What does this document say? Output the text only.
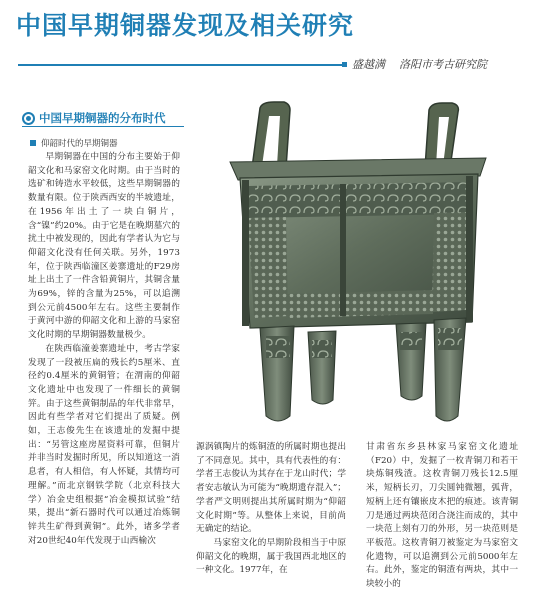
中国早期铜器发现及相关研究
盛越满 洛阳市考古研究院
中国早期铜器的分布时代
仰韶时代的早期铜器

早期铜器在中国的分布主要始于仰韶文化和马家窑文化时期。由于当时的选矿和铸造水平较低，这些早期铜器的数量有限。位于陕西西安的半坡遗址，在1956年出土了一块白铜片，含“镍”约20%。由于它是在晚期墓穴的扰土中被发现的，因此有学者认为它与仰韶文化没有任何关联。另外，1973年，位于陕西临潼区姜寨遗址的F29房址上出土了一件含铅黄铜片，其铜含量为69%，锌的含量为25%，可以追溯到公元前4500年左右。这些主要制作于黄河中游的仰韶文化和上游的马家窑文化时期的早期铜器数量极少。

在陕西临潼姜寨遗址中，考古学家发现了一段被压扁的残长约5厘米、直径约0.4厘米的黄铜管；在渭南的仰韶文化遗址中也发现了一件细长的黄铜笄。由于这些黄铜制品的年代非常早，因此有些学者对它们提出了质疑。例如，王志俊先生在该遗址的发掘中提出：“另管这座房屋资料可靠，但铜片并非当时发掘时所见，所以知道这一消息者，有人相信，有人怀疑，其情均可理解。”而北京钢铁学院（北京科技大学）冶金史组根据“冶金模拟试验”结果，提出“新石器时代可以通过冶炼铜锌共生矿得到黄铜”。此外，诸多学者对20世纪40年代发现于山西榆次

源涡镇陶片的炼铜渣的所属时期也提出了不同意见。其中，具有代表性的有：学者王志俊认为其存在于龙山时代；学者安志敏认为可能为“晚期遗存混入”；学者严文明则提出其所属时期为“仰韶文化时期”等。从整体上来说，目前尚无确定的结论。

马家窑文化的早期阶段相当于中原仰韶文化的晚期，属于我国西北地区的一种文化。1977年，在

甘肃省东乡县林家马家窑文化遗址（F20）中，发掘了一枚青铜刀和若干块炼铜残渣。这枚青铜刀残长12.5厘米，短柄长刃，刀尖圆钝微翘，弧背，短柄上还有镶嵌皮木把的痕迹。该青铜刀是通过两块范闭合浇注而成的，其中一块范上刻有刀的外形，另一块范则是平板范。这枚青铜刀被鉴定为马家窑文化遗物，可以追溯到公元前5000年左右。此外，鉴定的铜渣有两块，其中一块较小的
